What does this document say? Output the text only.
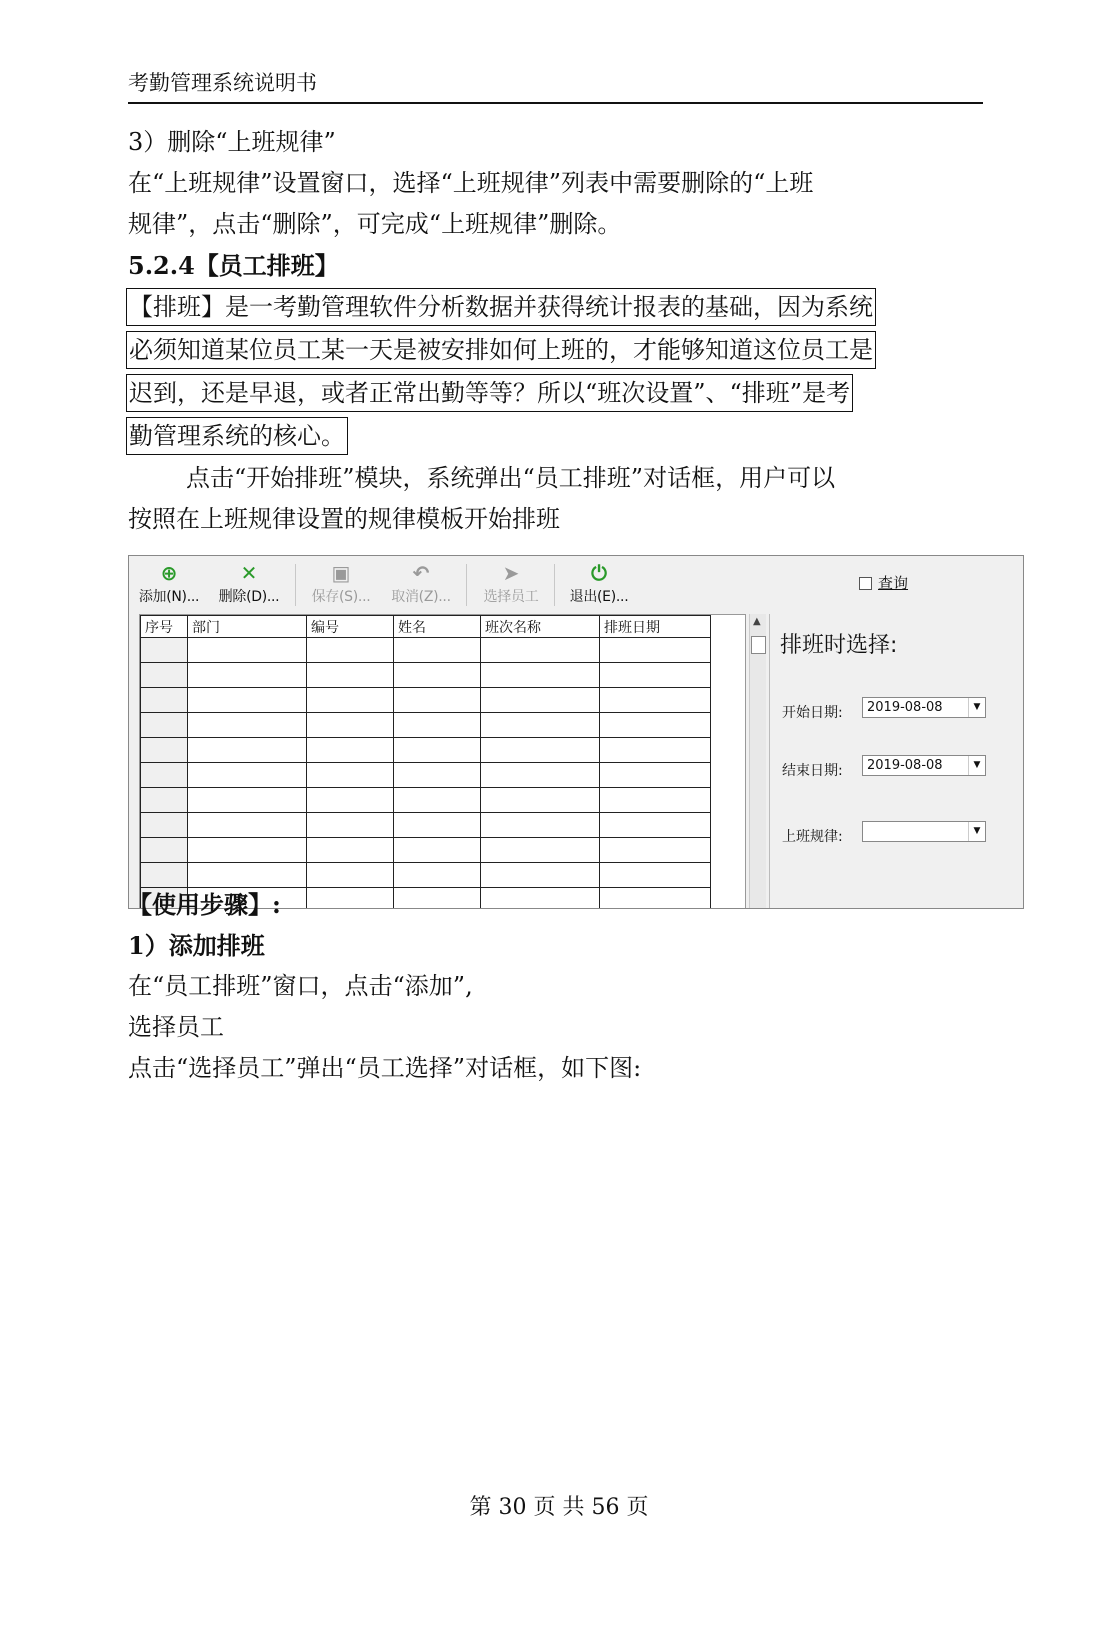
考勤管理系统说明书

3）删除“上班规律”

在“上班规律”设置窗口，选择“上班规律”列表中需要删除的“上班

规律”，点击“删除”，可完成“上班规律”删除。

5.2.4【员工排班】

【排班】是一考勤管理软件分析数据并获得统计报表的基础，因为系统
必须知道某位员工某一天是被安排如何上班的，才能够知道这位员工是
迟到，还是早退，或者正常出勤等等？所以“班次设置”、“排班”是考
勤管理系统的核心。

点击“开始排班”模块，系统弹出“员工排班”对话框，用户可以

按照在上班规律设置的规律模板开始排班

⊕
添加(N)...
✕
删除(D)...
▣
保存(S)...
↶
取消(Z)...
➤
选择员工
⏻
退出(E)...
查询
序号	部门	编号	姓名	班次名称	排班日期

						▲
排班时选择:
开始日期:	2019-08-08	▼
结束日期:	2019-08-08	▼
上班规律:	▼

【使用步骤】:

1）添加排班

在“员工排班”窗口，点击“添加”,

选择员工

点击“选择员工”弹出“员工选择”对话框，如下图:

第 30 页 共 56 页
